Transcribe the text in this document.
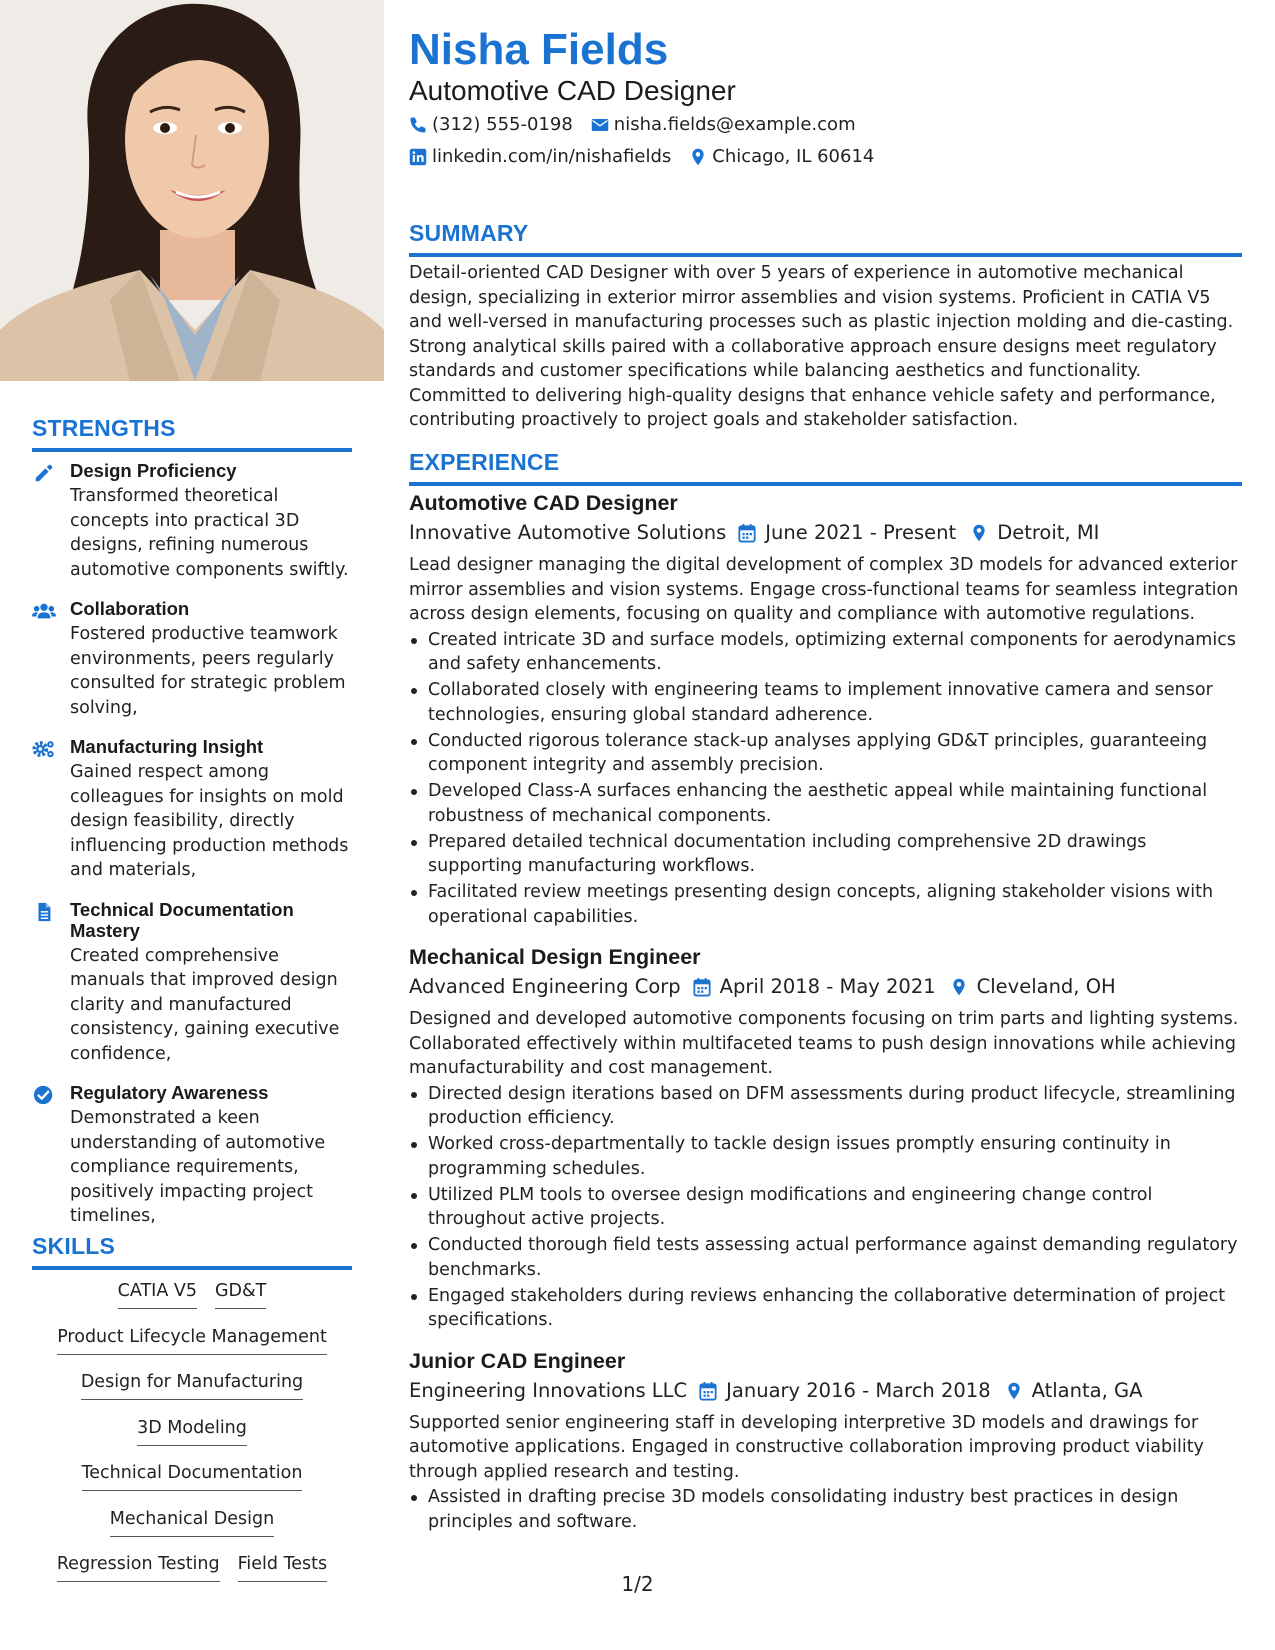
STRENGTHS
Design Proficiency
Transformed theoretical concepts into practical 3D designs, refining numerous automotive components swiftly.
Collaboration
Fostered productive teamwork environments, peers regularly consulted for strategic problem solving,
Manufacturing Insight
Gained respect among colleagues for insights on mold design feasibility, directly influencing production methods and materials,
Technical Documentation Mastery
Created comprehensive manuals that improved design clarity and manufactured consistency, gaining executive confidence,
Regulatory Awareness
Demonstrated a keen understanding of automotive compliance requirements, positively impacting project timelines,
SKILLS
CATIA V5 GD&T
Product Lifecycle Management
Design for Manufacturing
3D Modeling
Technical Documentation
Mechanical Design
Regression Testing Field Tests
Nisha Fields
Automotive CAD Designer
(312) 555-0198 nisha.fields@example.com
linkedin.com/in/nishafields Chicago, IL 60614
SUMMARY
Detail-oriented CAD Designer with over 5 years of experience in automotive mechanical design, specializing in exterior mirror assemblies and vision systems. Proficient in CATIA V5 and well-versed in manufacturing processes such as plastic injection molding and die-casting. Strong analytical skills paired with a collaborative approach ensure designs meet regulatory standards and customer specifications while balancing aesthetics and functionality. Committed to delivering high-quality designs that enhance vehicle safety and performance, contributing proactively to project goals and stakeholder satisfaction.
EXPERIENCE
Automotive CAD Designer
Innovative Automotive Solutions June 2021 - Present Detroit, MI
Lead designer managing the digital development of complex 3D models for advanced exterior mirror assemblies and vision systems. Engage cross-functional teams for seamless integration across design elements, focusing on quality and compliance with automotive regulations.
Created intricate 3D and surface models, optimizing external components for aerodynamics and safety enhancements.
Collaborated closely with engineering teams to implement innovative camera and sensor technologies, ensuring global standard adherence.
Conducted rigorous tolerance stack-up analyses applying GD&T principles, guaranteeing component integrity and assembly precision.
Developed Class-A surfaces enhancing the aesthetic appeal while maintaining functional robustness of mechanical components.
Prepared detailed technical documentation including comprehensive 2D drawings supporting manufacturing workflows.
Facilitated review meetings presenting design concepts, aligning stakeholder visions with operational capabilities.
Mechanical Design Engineer
Advanced Engineering Corp April 2018 - May 2021 Cleveland, OH
Designed and developed automotive components focusing on trim parts and lighting systems. Collaborated effectively within multifaceted teams to push design innovations while achieving manufacturability and cost management.
Directed design iterations based on DFM assessments during product lifecycle, streamlining production efficiency.
Worked cross-departmentally to tackle design issues promptly ensuring continuity in programming schedules.
Utilized PLM tools to oversee design modifications and engineering change control throughout active projects.
Conducted thorough field tests assessing actual performance against demanding regulatory benchmarks.
Engaged stakeholders during reviews enhancing the collaborative determination of project specifications.
Junior CAD Engineer
Engineering Innovations LLC January 2016 - March 2018 Atlanta, GA
Supported senior engineering staff in developing interpretive 3D models and drawings for automotive applications. Engaged in constructive collaboration improving product viability through applied research and testing.
Assisted in drafting precise 3D models consolidating industry best practices in design principles and software.
1/2
